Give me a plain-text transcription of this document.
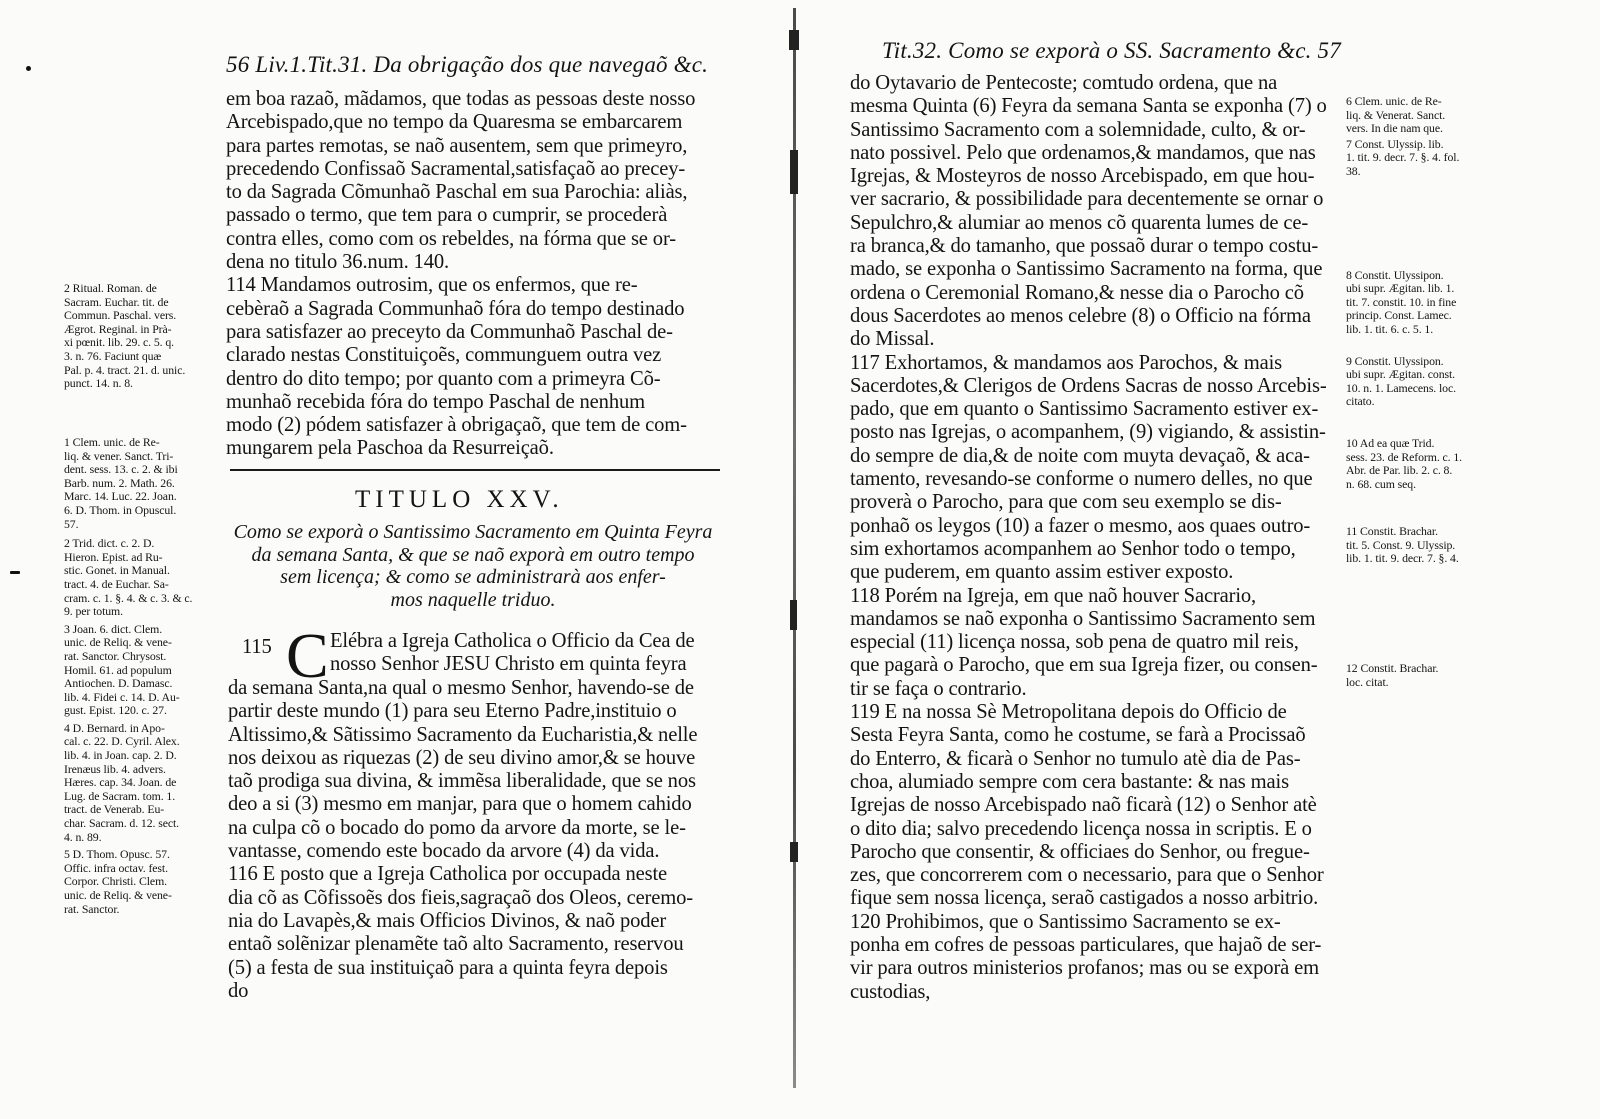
56 Liv.1.Tit.31. Da obrigação dos que navegaõ &c.
em boa razaõ, mãdamos, que todas as pessoas deste nosso
Arcebispado,que no tempo da Quaresma se embarcarem
para partes remotas, se naõ ausentem, sem que primeyro,
precedendo Confissaõ Sacramental,satisfaçaõ ao precey-
to da Sagrada Cõmunhaõ Paschal em sua Parochia: aliàs,
passado o termo, que tem para o cumprir, se procederà
contra elles, como com os rebeldes, na fórma que se or-
dena no titulo 36.num. 140.
114 Mandamos outrosim, que os enfermos, que re-
cebèraõ a Sagrada Communhaõ fóra do tempo destinado
para satisfazer ao preceyto da Communhaõ Paschal de-
clarado nestas Constituiçoẽs, communguem outra vez
dentro do dito tempo; por quanto com a primeyra Cõ-
munhaõ recebida fóra do tempo Paschal de nenhum
modo (2) pódem satisfazer à obrigaçaõ, que tem de com-
mungarem pela Paschoa da Resurreiçaõ.
2 Ritual. Roman. de
Sacram. Euchar. tit. de
Commun. Paschal. vers.
Ægrot. Reginal. in Prà-
xi pœnit. lib. 29. c. 5. q.
3. n. 76. Faciunt quæ
Pal. p. 4. tract. 21. d. unic.
punct. 14. n. 8.
1 Clem. unic. de Re-
liq. & vener. Sanct. Tri-
dent. sess. 13. c. 2. & ibi
Barb. num. 2. Math. 26.
Marc. 14. Luc. 22. Joan.
6. D. Thom. in Opuscul.
57.
2 Trid. dict. c. 2. D.
Hieron. Epist. ad Ru-
stic. Gonet. in Manual.
tract. 4. de Euchar. Sa-
cram. c. 1. §. 4. & c. 3. & c.
9. per totum.
3 Joan. 6. dict. Clem.
unic. de Reliq. & vene-
rat. Sanctor. Chrysost.
Homil. 61. ad populum
Antiochen. D. Damasc.
lib. 4. Fidei c. 14. D. Au-
gust. Epist. 120. c. 27.
4 D. Bernard. in Apo-
cal. c. 22. D. Cyril. Alex.
lib. 4. in Joan. cap. 2. D.
Irenæus lib. 4. advers.
Hæres. cap. 34. Joan. de
Lug. de Sacram. tom. 1.
tract. de Venerab. Eu-
char. Sacram. d. 12. sect.
4. n. 89.
5 D. Thom. Opusc. 57.
Offic. infra octav. fest.
Corpor. Christi. Clem.
unic. de Reliq. & vene-
rat. Sanctor.
TITULO XXV.
Como se exporà o Santissimo Sacramento em Quinta Feyra
da semana Santa, & que se naõ exporà em outro tempo
sem licença; & como se administrarà aos enfer-
mos naquelle triduo.
115 C Elébra a Igreja Catholica o Officio da Cea de
nosso Senhor JESU Christo em quinta feyra
da semana Santa,na qual o mesmo Senhor, havendo-se de
partir deste mundo (1) para seu Eterno Padre,instituio o
Altissimo,& Sãtissimo Sacramento da Eucharistia,& nelle
nos deixou as riquezas (2) de seu divino amor,& se houve
taõ prodiga sua divina, & immẽsa liberalidade, que se nos
deo a si (3) mesmo em manjar, para que o homem cahido
na culpa cõ o bocado do pomo da arvore da morte, se le-
vantasse, comendo este bocado da arvore (4) da vida.
116 E posto que a Igreja Catholica por occupada neste
dia cõ as Cõfissoẽs dos fieis,sagraçaõ dos Oleos, ceremo-
nia do Lavapès,& mais Officios Divinos, & naõ poder
entaõ solẽnizar plenamẽte taõ alto Sacramento, reservou
(5) a festa de sua instituiçaõ para a quinta feyra depois
do
Tit.32. Como se exporà o SS. Sacramento &c. 57
do Oytavario de Pentecoste; comtudo ordena, que na
mesma Quinta (6) Feyra da semana Santa se exponha (7) o
Santissimo Sacramento com a solemnidade, culto, & or-
nato possivel. Pelo que ordenamos,& mandamos, que nas
Igrejas, & Mosteyros de nosso Arcebispado, em que hou-
ver sacrario, & possibilidade para decentemente se ornar o
Sepulchro,& alumiar ao menos cõ quarenta lumes de ce-
ra branca,& do tamanho, que possaõ durar o tempo costu-
mado, se exponha o Santissimo Sacramento na forma, que
ordena o Ceremonial Romano,& nesse dia o Parocho cõ
dous Sacerdotes ao menos celebre (8) o Officio na fórma
do Missal.
117 Exhortamos, & mandamos aos Parochos, & mais
Sacerdotes,& Clerigos de Ordens Sacras de nosso Arcebis-
pado, que em quanto o Santissimo Sacramento estiver ex-
posto nas Igrejas, o acompanhem, (9) vigiando, & assistin-
do sempre de dia,& de noite com muyta devaçaõ, & aca-
tamento, revesando-se conforme o numero delles, no que
proverà o Parocho, para que com seu exemplo se dis-
ponhaõ os leygos (10) a fazer o mesmo, aos quaes outro-
sim exhortamos acompanhem ao Senhor todo o tempo,
que puderem, em quanto assim estiver exposto.
118 Porém na Igreja, em que naõ houver Sacrario,
mandamos se naõ exponha o Santissimo Sacramento sem
especial (11) licença nossa, sob pena de quatro mil reis,
que pagarà o Parocho, que em sua Igreja fizer, ou consen-
tir se faça o contrario.
119 E na nossa Sè Metropolitana depois do Officio de
Sesta Feyra Santa, como he costume, se farà a Procissaõ
do Enterro, & ficarà o Senhor no tumulo atè dia de Pas-
choa, alumiado sempre com cera bastante: & nas mais
Igrejas de nosso Arcebispado naõ ficarà (12) o Senhor atè
o dito dia; salvo precedendo licença nossa in scriptis. E o
Parocho que consentir, & officiaes do Senhor, ou fregue-
zes, que concorrerem com o necessario, para que o Senhor
fique sem nossa licença, seraõ castigados a nosso arbitrio.
120 Prohibimos, que o Santissimo Sacramento se ex-
ponha em cofres de pessoas particulares, que hajaõ de ser-
vir para outros ministerios profanos; mas ou se exporà em
custodias,
6 Clem. unic. de Re-
liq. & Venerat. Sanct.
vers. In die nam que.
7 Const. Ulyssip. lib.
1. tit. 9. decr. 7. §. 4. fol.
38.
8 Constit. Ulyssipon.
ubi supr. Ægitan. lib. 1.
tit. 7. constit. 10. in fine
princip. Const. Lamec.
lib. 1. tit. 6. c. 5. 1.
9 Constit. Ulyssipon.
ubi supr. Ægitan. const.
10. n. 1. Lamecens. loc.
citato.
10 Ad ea quæ Trid.
sess. 23. de Reform. c. 1.
Abr. de Par. lib. 2. c. 8.
n. 68. cum seq.
11 Constit. Brachar.
tit. 5. Const. 9. Ulyssip.
lib. 1. tit. 9. decr. 7. §. 4.
12 Constit. Brachar.
loc. citat.
